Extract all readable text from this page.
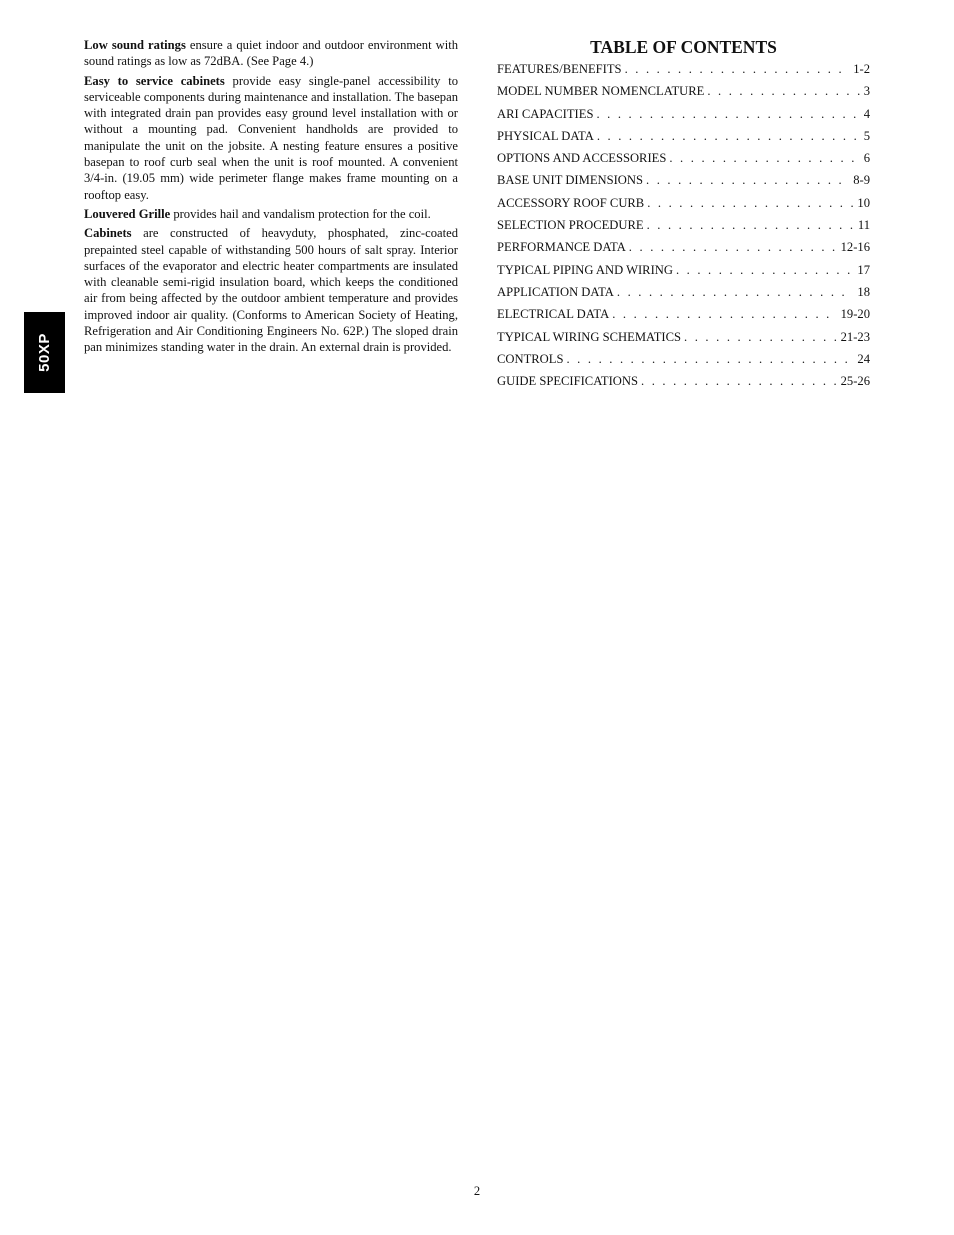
50XP

Low sound ratings ensure a quiet indoor and outdoor environment with sound ratings as low as 72dBA. (See Page 4.)

Easy to service cabinets provide easy single-panel accessibility to serviceable components during maintenance and installation. The basepan with integrated drain pan provides easy ground level installation with or without a mounting pad. Convenient handholds are provided to manipulate the unit on the jobsite. A nesting feature ensures a positive basepan to roof curb seal when the unit is roof mounted. A convenient 3/4-in. (19.05 mm) wide perimeter flange makes frame mounting on a rooftop easy.

Louvered Grille provides hail and vandalism protection for the coil.

Cabinets are constructed of heavyduty, phosphated, zinc-coated prepainted steel capable of withstanding 500 hours of salt spray. Interior surfaces of the evaporator and electric heater compartments are insulated with cleanable semi-rigid insulation board, which keeps the conditioned air from being affected by the outdoor ambient temperature and provides improved indoor air quality. (Conforms to American Society of Heating, Refrigeration and Air Conditioning Engineers No. 62P.) The sloped drain pan minimizes standing water in the drain. An external drain is provided.

TABLE OF CONTENTS
FEATURES/BENEFITS . . .	1-2
MODEL NUMBER NOMENCLATURE . . .	3
ARI CAPACITIES . . .	4
PHYSICAL DATA . . .	5
OPTIONS AND ACCESSORIES . . .	6
BASE UNIT DIMENSIONS . . .	8-9
ACCESSORY ROOF CURB . . .	10
SELECTION PROCEDURE . . .	11
PERFORMANCE DATA . . .	12-16
TYPICAL PIPING AND WIRING . . .	17
APPLICATION DATA . . .	18
ELECTRICAL DATA . . .	19-20
TYPICAL WIRING SCHEMATICS . . .	21-23
CONTROLS . . .	24
GUIDE SPECIFICATIONS . . .	25-26
2
